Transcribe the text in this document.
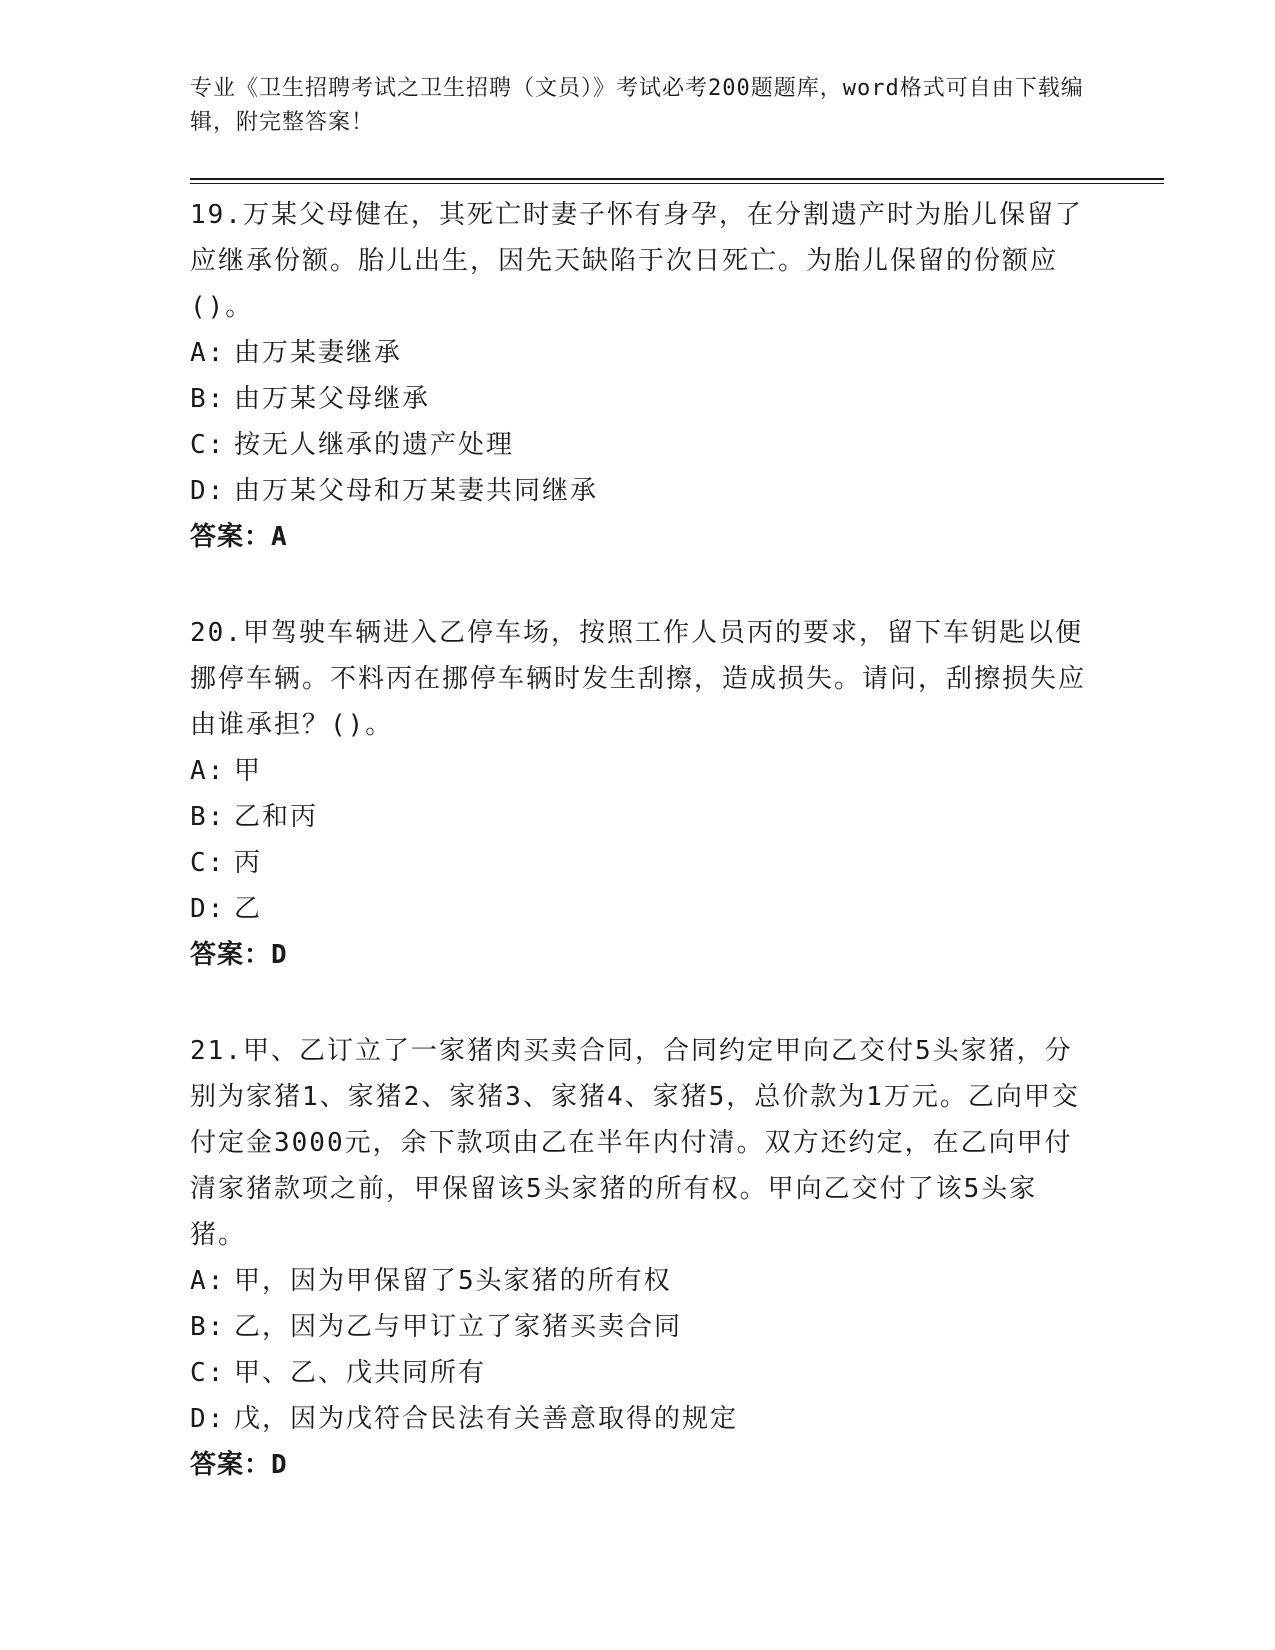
专业《卫生招聘考试之卫生招聘（文员）》考试必考200题题库，word格式可自由下载编辑，附完整答案！

19.万某父母健在，其死亡时妻子怀有身孕，在分割遗产时为胎儿保留了应继承份额。胎儿出生，因先天缺陷于次日死亡。为胎儿保留的份额应()。

A: 由万某妻继承

B: 由万某父母继承

C: 按无人继承的遗产处理

D: 由万某父母和万某妻共同继承

答案：A

20.甲驾驶车辆进入乙停车场，按照工作人员丙的要求，留下车钥匙以便挪停车辆。不料丙在挪停车辆时发生刮擦，造成损失。请问，刮擦损失应由谁承担？()。

A: 甲

B: 乙和丙

C: 丙

D: 乙

答案：D

21.甲、乙订立了一家猪肉买卖合同，合同约定甲向乙交付5头家猪，分别为家猪1、家猪2、家猪3、家猪4、家猪5，总价款为1万元。乙向甲交付定金3000元，余下款项由乙在半年内付清。双方还约定，在乙向甲付清家猪款项之前，甲保留该5头家猪的所有权。甲向乙交付了该5头家猪。

A: 甲，因为甲保留了5头家猪的所有权

B: 乙，因为乙与甲订立了家猪买卖合同

C: 甲、乙、戊共同所有

D: 戊，因为戊符合民法有关善意取得的规定

答案：D
